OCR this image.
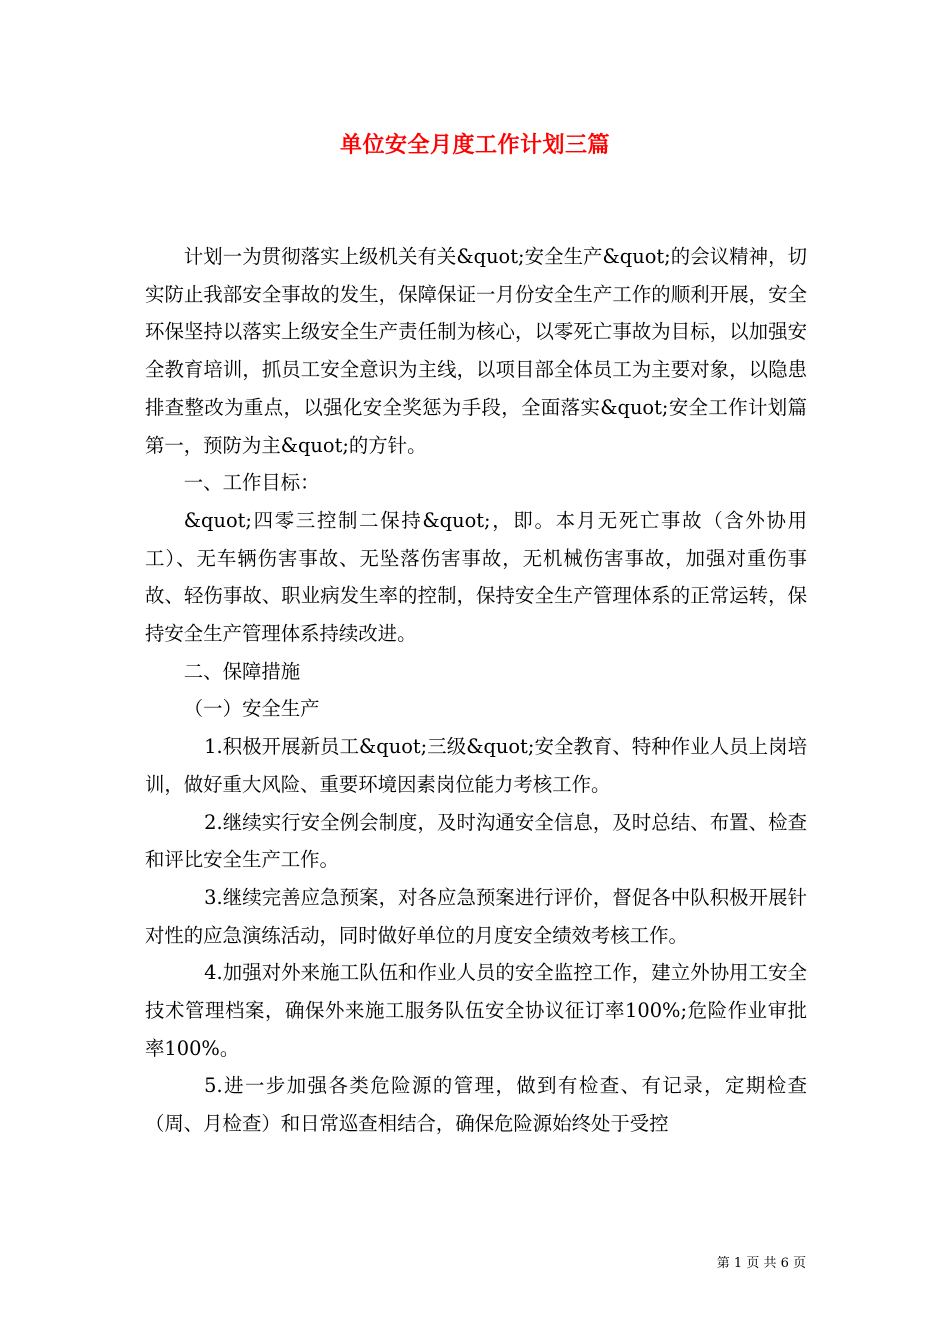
单位安全月度工作计划三篇

计划一为贯彻落实上级机关有关&quot;安全生产&quot;的会议精神，切实防止我部安全事故的发生，保障保证一月份安全生产工作的顺利开展，安全环保坚持以落实上级安全生产责任制为核心，以零死亡事故为目标，以加强安全教育培训，抓员工安全意识为主线，以项目部全体员工为主要对象，以隐患排查整改为重点，以强化安全奖惩为手段，全面落实&quot;安全工作计划篇第一，预防为主&quot;的方针。

一、工作目标：

&quot;四零三控制二保持&quot;，即。本月无死亡事故（含外协用工）、无车辆伤害事故、无坠落伤害事故，无机械伤害事故，加强对重伤事故、轻伤事故、职业病发生率的控制，保持安全生产管理体系的正常运转，保持安全生产管理体系持续改进。

二、保障措施

（一）安全生产

1.积极开展新员工&quot;三级&quot;安全教育、特种作业人员上岗培训，做好重大风险、重要环境因素岗位能力考核工作。

2.继续实行安全例会制度，及时沟通安全信息，及时总结、布置、检查和评比安全生产工作。

3.继续完善应急预案，对各应急预案进行评价，督促各中队积极开展针对性的应急演练活动，同时做好单位的月度安全绩效考核工作。

4.加强对外来施工队伍和作业人员的安全监控工作，建立外协用工安全技术管理档案，确保外来施工服务队伍安全协议征订率100%;危险作业审批率100%。

5.进一步加强各类危险源的管理，做到有检查、有记录，定期检查（周、月检查）和日常巡查相结合，确保危险源始终处于受控

第 1 页 共 6 页
